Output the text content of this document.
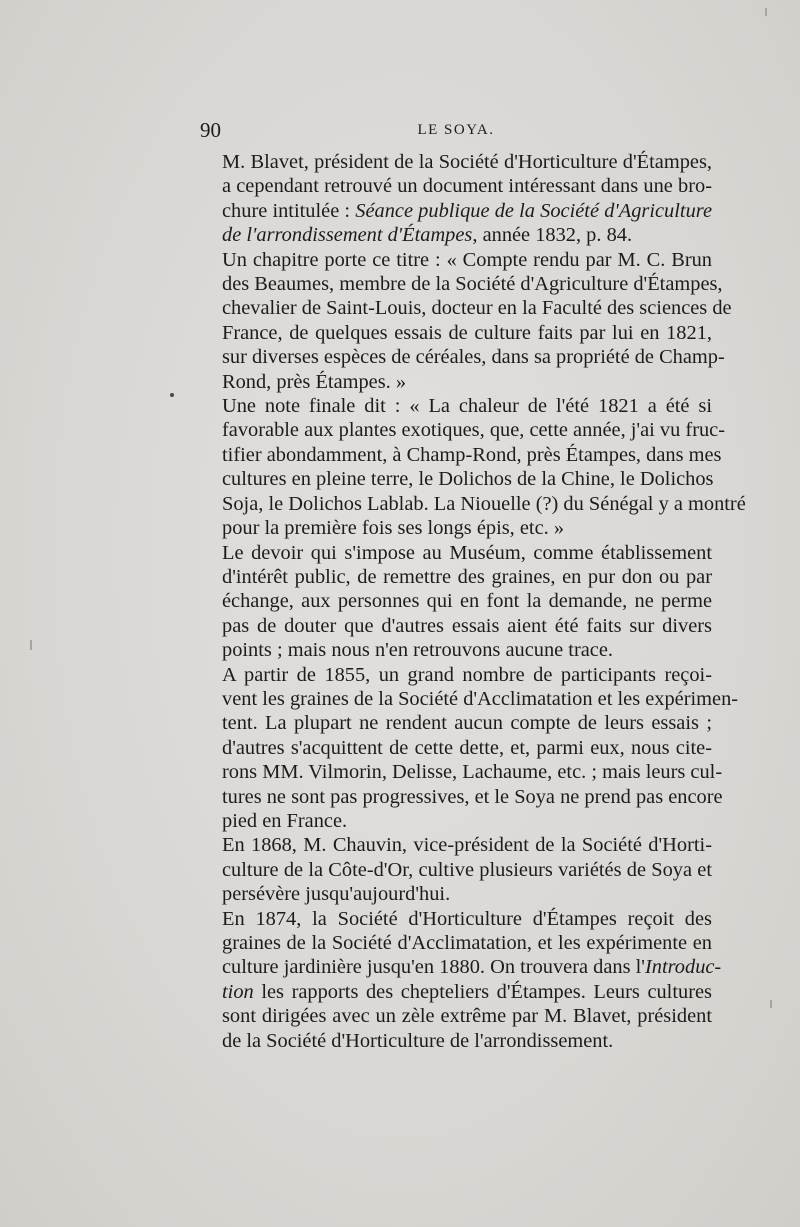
90	LE SOYA.
M. Blavet, président de la Société d'Horticulture d'Étampes,
a cependant retrouvé un document intéressant dans une bro-
chure intitulée : Séance publique de la Société d'Agriculture
de l'arrondissement d'Étampes, année 1832, p. 84.
Un chapitre porte ce titre : « Compte rendu par M. C. Brun
des Beaumes, membre de la Société d'Agriculture d'Étampes,
chevalier de Saint-Louis, docteur en la Faculté des sciences de
France, de quelques essais de culture faits par lui en 1821,
sur diverses espèces de céréales, dans sa propriété de Champ-
Rond, près Étampes. »
Une note finale dit : « La chaleur de l'été 1821 a été si
favorable aux plantes exotiques, que, cette année, j'ai vu fruc-
tifier abondamment, à Champ-Rond, près Étampes, dans mes
cultures en pleine terre, le Dolichos de la Chine, le Dolichos
Soja, le Dolichos Lablab. La Niouelle (?) du Sénégal y a montré
pour la première fois ses longs épis, etc. »
Le devoir qui s'impose au Muséum, comme établissement
d'intérêt public, de remettre des graines, en pur don ou par
échange, aux personnes qui en font la demande, ne perme
pas de douter que d'autres essais aient été faits sur divers
points ; mais nous n'en retrouvons aucune trace.
A partir de 1855, un grand nombre de participants reçoi-
vent les graines de la Société d'Acclimatation et les expérimen-
tent. La plupart ne rendent aucun compte de leurs essais ;
d'autres s'acquittent de cette dette, et, parmi eux, nous cite-
rons MM. Vilmorin, Delisse, Lachaume, etc. ; mais leurs cul-
tures ne sont pas progressives, et le Soya ne prend pas encore
pied en France.
En 1868, M. Chauvin, vice-président de la Société d'Horti-
culture de la Côte-d'Or, cultive plusieurs variétés de Soya et
persévère jusqu'aujourd'hui.
En 1874, la Société d'Horticulture d'Étampes reçoit des
graines de la Société d'Acclimatation, et les expérimente en
culture jardinière jusqu'en 1880. On trouvera dans l'Introduc-
tion les rapports des chepteliers d'Étampes. Leurs cultures
sont dirigées avec un zèle extrême par M. Blavet, président
de la Société d'Horticulture de l'arrondissement.
